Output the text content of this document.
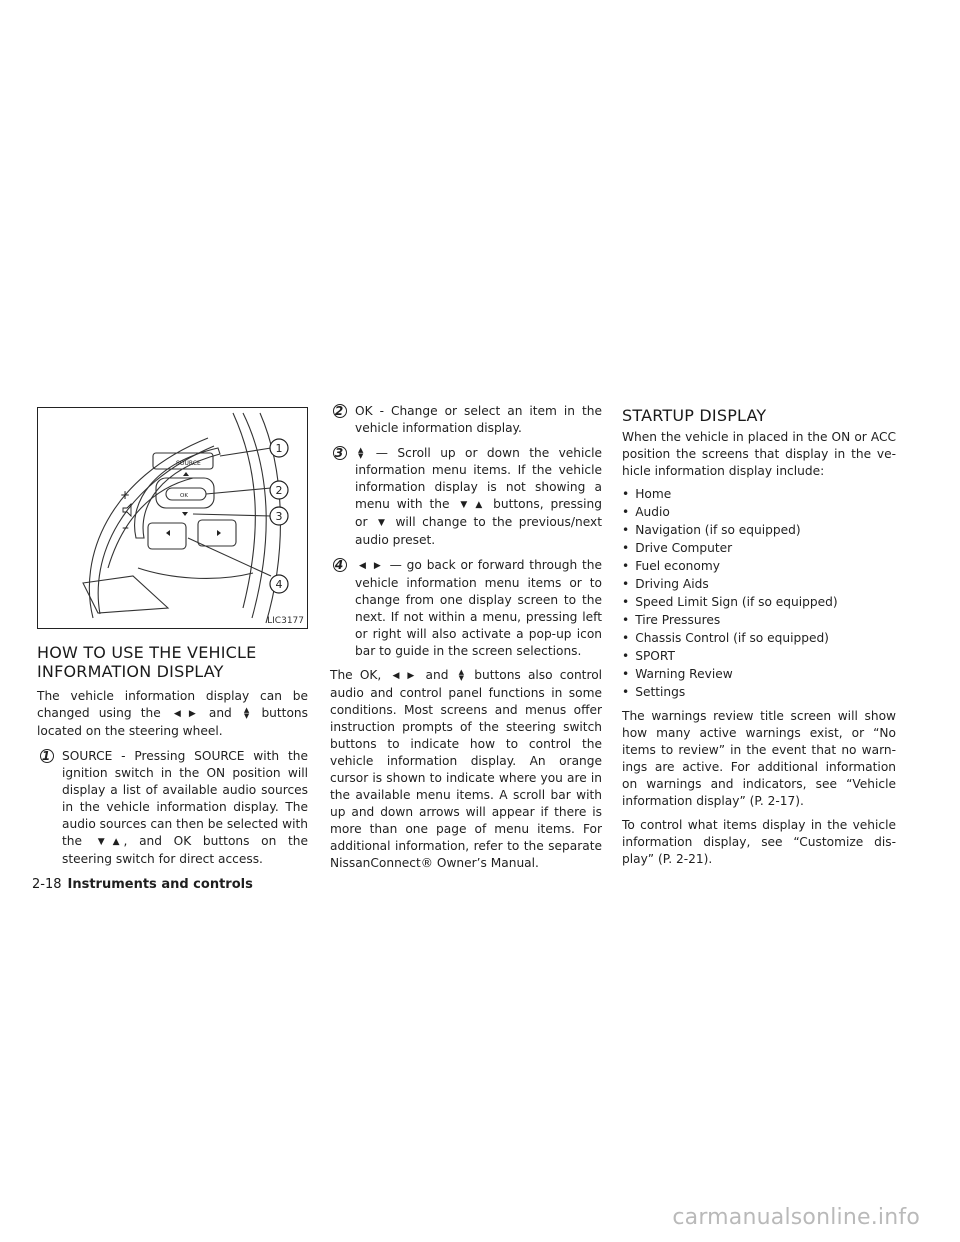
SOURCE
OK
+
–
1
2
3
4
LIC3177
HOW TO USE THE VEHICLE
INFORMATION DISPLAY

The vehicle information display can be changed using the ◀ ▶ and ▲
▼ buttons located on the steering wheel.

1 SOURCE - Pressing SOURCE with the ignition switch in the ON position will display a list of available audio sources in the vehicle information display. The audio sources can then be selected with the ▼ ▲ , and OK buttons on the steering switch for direct access.
2 OK - Change or select an item in the vehicle information display.
3	▲
▼ — Scroll up or down the vehicle information menu items. If the vehicle information display is not showing a menu with the ▼ ▲ buttons, pressing or ▼ will change to the previous/next audio preset.
4	◀ ▶ — go back or forward through the vehicle information menu items or to change from one display screen to the next. If not within a menu, pressing left or right will also activate a pop-up icon bar to guide in the screen selections.

The OK, ◀ ▶ and ▲
▼ buttons also control audio and control panel functions in some conditions. Most screens and menus offer instruction prompts of the steering switch buttons to indicate how to control the vehicle information display. An orange cursor is shown to indicate where you are in the available menu items. A scroll bar with up and down arrows will appear if there is more than one page of menu items. For additional information, refer to the separate NissanConnect® Owner’s Manual.

STARTUP DISPLAY

When the vehicle in placed in the ON or ACC position the screens that display in the ve-hicle information display include:

• Home
• Audio
• Navigation (if so equipped)
• Drive Computer
• Fuel economy
• Driving Aids
• Speed Limit Sign (if so equipped)
• Tire Pressures
• Chassis Control (if so equipped)
• SPORT
• Warning Review
• Settings

The warnings review title screen will show how many active warnings exist, or “No items to review” in the event that no warn-ings are active. For additional information on warnings and indicators, see “Vehicle information display” (P. 2-17).

To control what items display in the vehicle information display, see “Customize dis-play” (P. 2-21).

2-18 Instruments and controls
carmanualsonline.info
